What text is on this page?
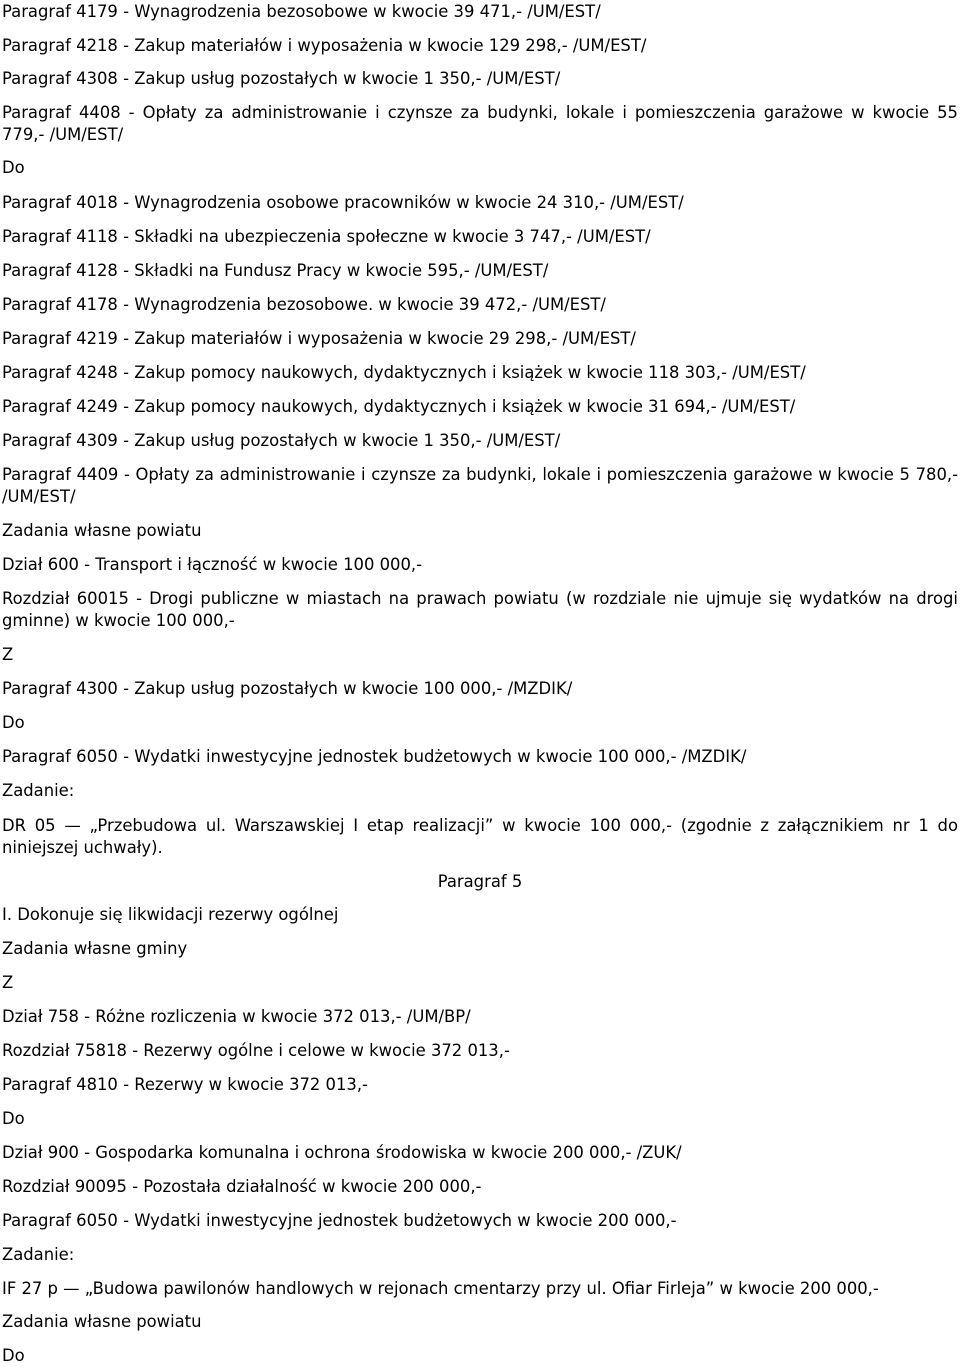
Paragraf 4179 - Wynagrodzenia bezosobowe w kwocie 39 471,- /UM/EST/
Paragraf 4218 - Zakup materiałów i wyposażenia w kwocie 129 298,- /UM/EST/
Paragraf 4308 - Zakup usług pozostałych w kwocie 1 350,- /UM/EST/
Paragraf 4408 - Opłaty za administrowanie i czynsze za budynki, lokale i pomieszczenia garażowe w kwocie 55 779,- /UM/EST/
Do
Paragraf 4018 - Wynagrodzenia osobowe pracowników w kwocie 24 310,- /UM/EST/
Paragraf 4118 - Składki na ubezpieczenia społeczne w kwocie 3 747,- /UM/EST/
Paragraf 4128 - Składki na Fundusz Pracy w kwocie 595,- /UM/EST/
Paragraf 4178 - Wynagrodzenia bezosobowe. w kwocie 39 472,- /UM/EST/
Paragraf 4219 - Zakup materiałów i wyposażenia w kwocie 29 298,- /UM/EST/
Paragraf 4248 - Zakup pomocy naukowych, dydaktycznych i książek w kwocie 118 303,- /UM/EST/
Paragraf 4249 - Zakup pomocy naukowych, dydaktycznych i książek w kwocie 31 694,- /UM/EST/
Paragraf 4309 - Zakup usług pozostałych w kwocie 1 350,- /UM/EST/
Paragraf 4409 - Opłaty za administrowanie i czynsze za budynki, lokale i pomieszczenia garażowe w kwocie 5 780,- /UM/EST/
Zadania własne powiatu
Dział 600 - Transport i łączność w kwocie 100 000,-
Rozdział 60015 - Drogi publiczne w miastach na prawach powiatu (w rozdziale nie ujmuje się wydatków na drogi gminne) w kwocie 100 000,-
Z
Paragraf 4300 - Zakup usług pozostałych w kwocie 100 000,- /MZDIK/
Do
Paragraf 6050 - Wydatki inwestycyjne jednostek budżetowych w kwocie 100 000,- /MZDIK/
Zadanie:
DR 05 — „Przebudowa ul. Warszawskiej I etap realizacji” w kwocie 100 000,- (zgodnie z załącznikiem nr 1 do niniejszej uchwały).
Paragraf 5
I. Dokonuje się likwidacji rezerwy ogólnej
Zadania własne gminy
Z
Dział 758 - Różne rozliczenia w kwocie 372 013,- /UM/BP/
Rozdział 75818 - Rezerwy ogólne i celowe w kwocie 372 013,-
Paragraf 4810 - Rezerwy w kwocie 372 013,-
Do
Dział 900 - Gospodarka komunalna i ochrona środowiska w kwocie 200 000,- /ZUK/
Rozdział 90095 - Pozostała działalność w kwocie 200 000,-
Paragraf 6050 - Wydatki inwestycyjne jednostek budżetowych w kwocie 200 000,-
Zadanie:
IF 27 p — „Budowa pawilonów handlowych w rejonach cmentarzy przy ul. Ofiar Firleja” w kwocie 200 000,-
Zadania własne powiatu
Do
